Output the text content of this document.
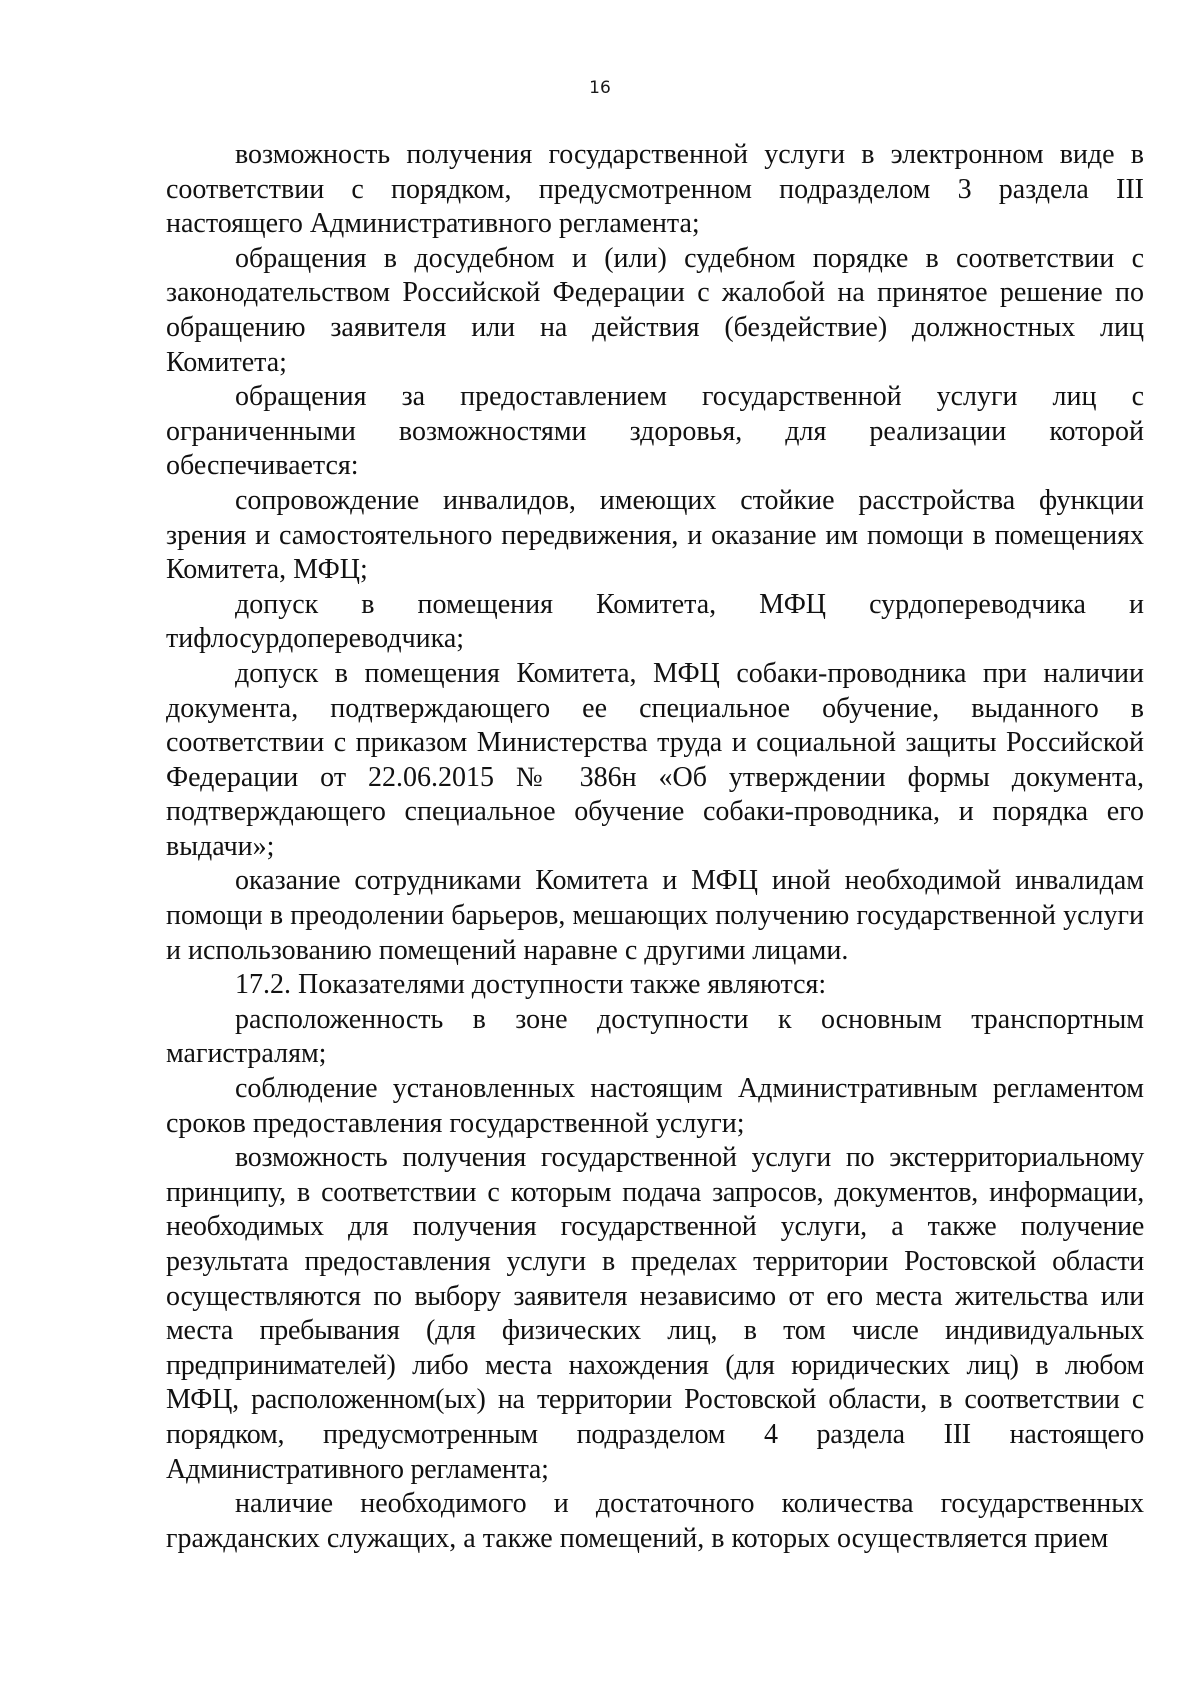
16

возможность получения государственной услуги в электронном виде в соответствии с порядком, предусмотренном подразделом 3 раздела III настоящего Административного регламента;

обращения в досудебном и (или) судебном порядке в соответствии с законодательством Российской Федерации с жалобой на принятое решение по обращению заявителя или на действия (бездействие) должностных лиц Комитета;

обращения за предоставлением государственной услуги лиц с ограниченными возможностями здоровья, для реализации которой обеспечивается:

сопровождение инвалидов, имеющих стойкие расстройства функции зрения и самостоятельного передвижения, и оказание им помощи в помещениях Комитета, МФЦ;

допуск в помещения Комитета, МФЦ сурдопереводчика и тифлосурдопереводчика;

допуск в помещения Комитета, МФЦ собаки-проводника при наличии документа, подтверждающего ее специальное обучение, выданного в соответствии с приказом Министерства труда и социальной защиты Российской Федерации от 22.06.2015 № 386н «Об утверждении формы документа, подтверждающего специальное обучение собаки-проводника, и порядка его выдачи»;

оказание сотрудниками Комитета и МФЦ иной необходимой инвалидам помощи в преодолении барьеров, мешающих получению государственной услуги и использованию помещений наравне с другими лицами.

17.2. Показателями доступности также являются:

расположенность в зоне доступности к основным транспортным магистралям;

соблюдение установленных настоящим Административным регламентом сроков предоставления государственной услуги;

возможность получения государственной услуги по экстерриториальному принципу, в соответствии с которым подача запросов, документов, информации, необходимых для получения государственной услуги, а также получение результата предоставления услуги в пределах территории Ростовской области осуществляются по выбору заявителя независимо от его места жительства или места пребывания (для физических лиц, в том числе индивидуальных предпринимателей) либо места нахождения (для юридических лиц) в любом МФЦ, расположенном(ых) на территории Ростовской области, в соответствии с порядком, предусмотренным подразделом 4 раздела III настоящего Административного регламента;

наличие необходимого и достаточного количества государственных гражданских служащих, а также помещений, в которых осуществляется прием
